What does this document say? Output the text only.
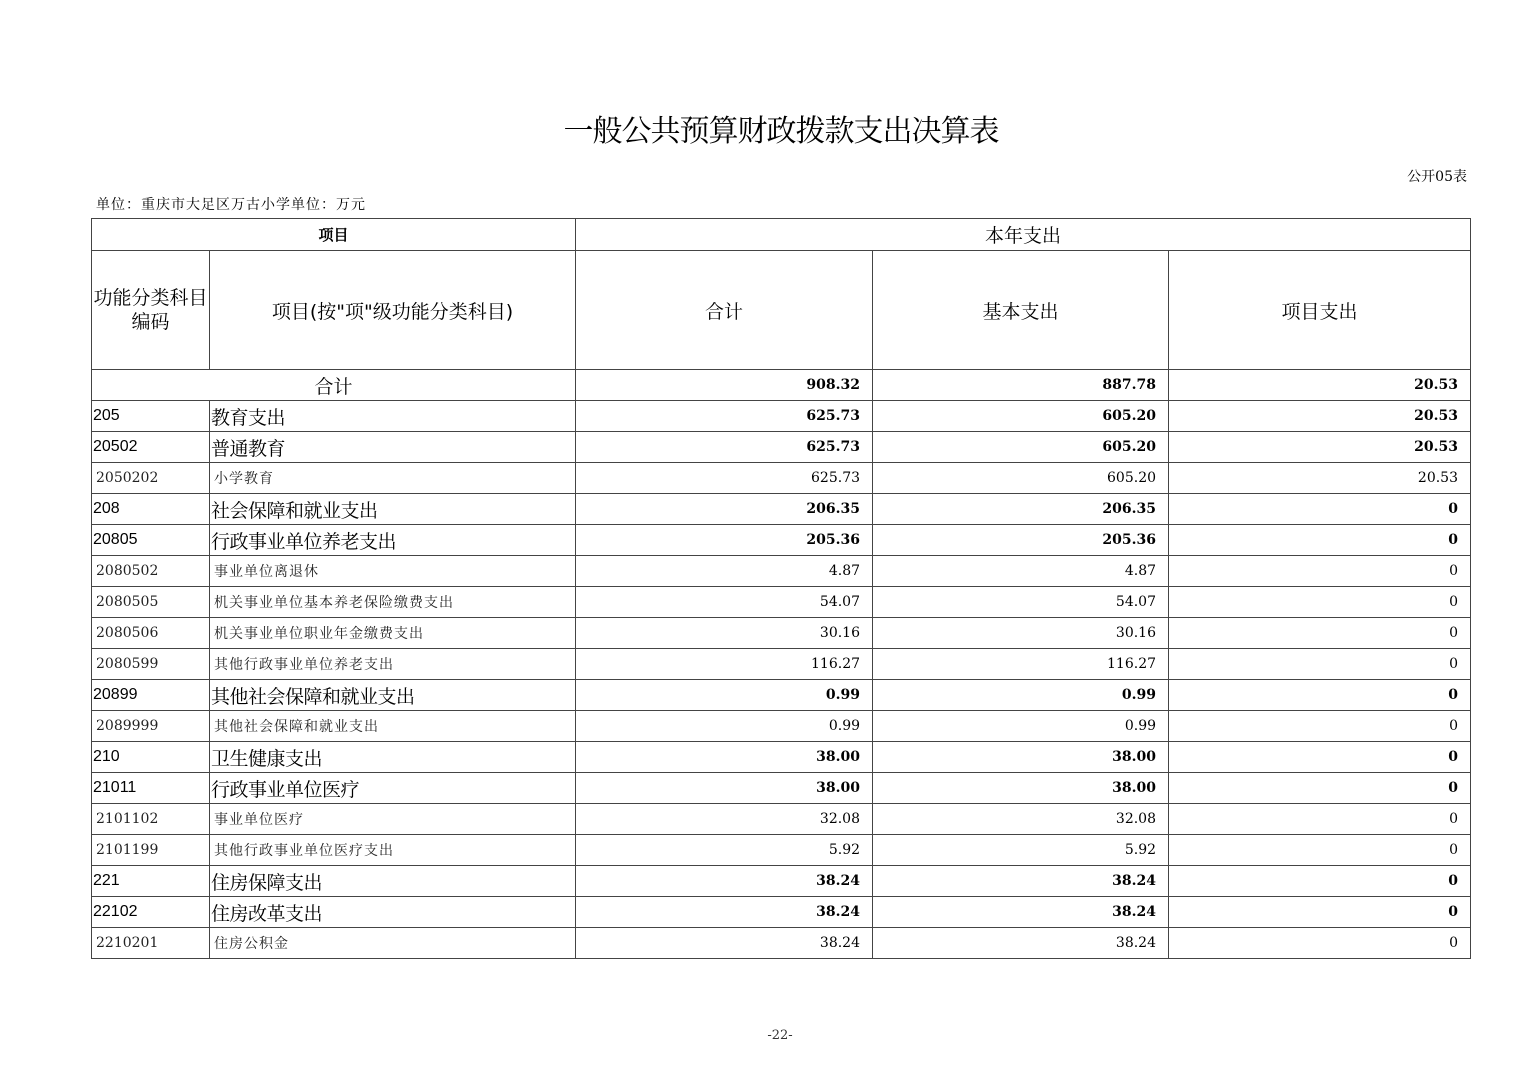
一般公共预算财政拨款支出决算表
公开05表
单位：重庆市大足区万古小学单位：万元
项目		本年支出		
功能分类科目编码	项目(按"项"级功能分类科目)	合计	基本支出	项目支出
合计		908.32	887.78	20.53
205	教育支出	625.73	605.20	20.53
20502	普通教育	625.73	605.20	20.53
2050202	小学教育	625.73	605.20	20.53
208	社会保障和就业支出	206.35	206.35	0
20805	行政事业单位养老支出	205.36	205.36	0
2080502	事业单位离退休	4.87	4.87	0
2080505	机关事业单位基本养老保险缴费支出	54.07	54.07	0
2080506	机关事业单位职业年金缴费支出	30.16	30.16	0
2080599	其他行政事业单位养老支出	116.27	116.27	0
20899	其他社会保障和就业支出	0.99	0.99	0
2089999	其他社会保障和就业支出	0.99	0.99	0
210	卫生健康支出	38.00	38.00	0
21011	行政事业单位医疗	38.00	38.00	0
2101102	事业单位医疗	32.08	32.08	0
2101199	其他行政事业单位医疗支出	5.92	5.92	0
221	住房保障支出	38.24	38.24	0
22102	住房改革支出	38.24	38.24	0
2210201	住房公积金	38.24	38.24	0
-22-
